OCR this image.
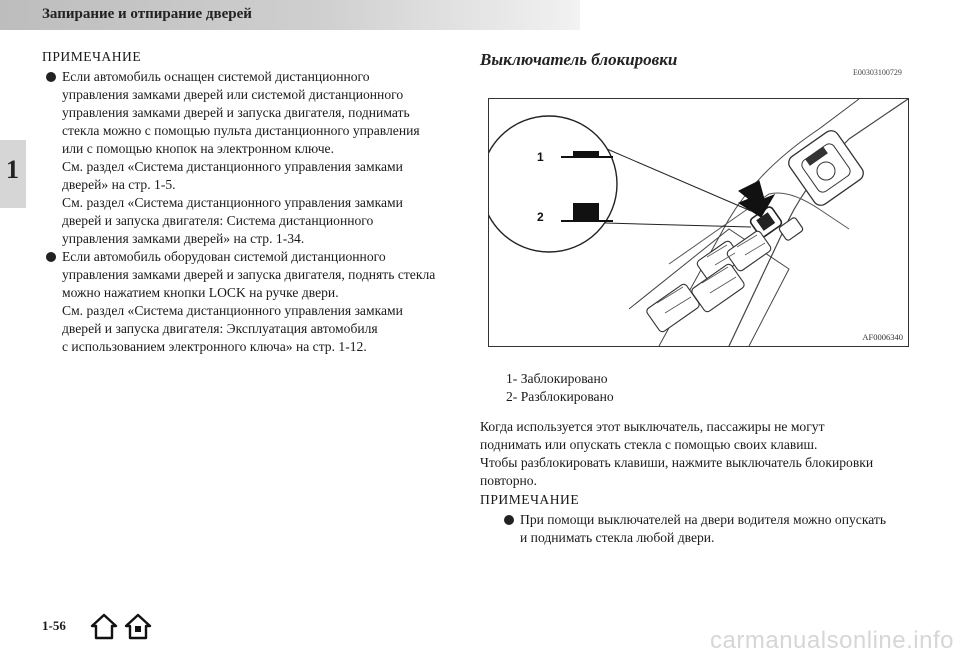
Запирание и отпирание дверей
1
ПРИМЕЧАНИЕ
Если автомобиль оснащен системой дистанционного
управления замками дверей или системой дистанционного
управления замками дверей и запуска двигателя, поднимать
стекла можно с помощью пульта дистанционного управления
или с помощью кнопок на электронном ключе.
См. раздел «Система дистанционного управления замками
дверей» на стр. 1-5.
См. раздел «Система дистанционного управления замками
дверей и запуска двигателя: Система дистанционного
управления замками дверей» на стр. 1-34.
Если автомобиль оборудован системой дистанционного
управления замками дверей и запуска двигателя, поднять стекла
можно нажатием кнопки LOCK на ручке двери.
См. раздел «Система дистанционного управления замками
дверей и запуска двигателя: Эксплуатация автомобиля
с использованием электронного ключа» на стр. 1-12.
Выключатель блокировки
E00303100729
1
2
AF0006340
1- Заблокировано
2- Разблокировано
Когда используется этот выключатель, пассажиры не могут
поднимать или опускать стекла с помощью своих клавиш.
Чтобы разблокировать клавиши, нажмите выключатель блокировки
повторно.
ПРИМЕЧАНИЕ
При помощи выключателей на двери водителя можно опускать
и поднимать стекла любой двери.
1-56
carmanualsonline.info
